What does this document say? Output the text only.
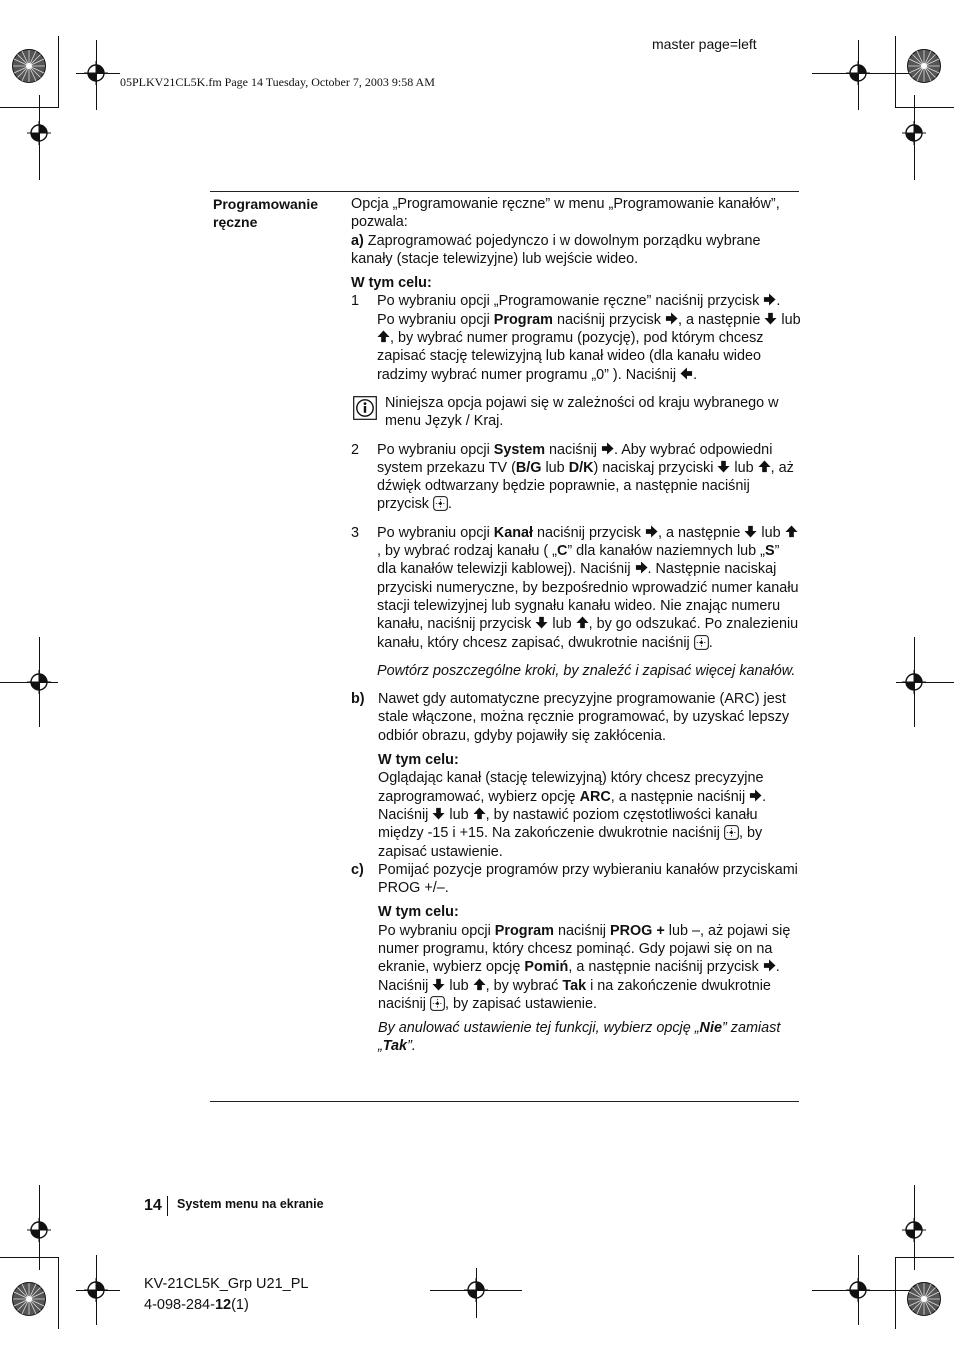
master page=left
05PLKV21CL5K.fm Page 14 Tuesday, October 7, 2003 9:58 AM
Programowanie ręczne

Opcja „Programowanie ręczne” w menu „Programowanie kanałów”, pozwala:

a) Zaprogramować pojedynczo i w dowolnym porządku wybrane kanały (stacje telewizyjne) lub wejście wideo.

W tym celu:

1 Po wybraniu opcji „Programowanie ręczne” naciśnij przycisk . Po wybraniu opcji Program naciśnij przycisk , a następnie  lub , by wybrać numer programu (pozycję), pod którym chcesz zapisać stację telewizyjną lub kanał wideo (dla kanału wideo radzimy wybrać numer programu „0” ). Naciśnij .

Niniejsza opcja pojawi się w zależności od kraju wybranego w menu Język / Kraj.

2 Po wybraniu opcji System naciśnij . Aby wybrać odpowiedni system przekazu TV (B/G lub D/K) naciskaj przyciski  lub , aż dźwięk odtwarzany będzie poprawnie, a następnie naciśnij przycisk .

3 Po wybraniu opcji Kanał naciśnij przycisk , a następnie  lub , by wybrać rodzaj kanału ( „C” dla kanałów naziemnych lub „S” dla kanałów telewizji kablowej). Naciśnij . Następnie naciskaj przyciski numeryczne, by bezpośrednio wprowadzić numer kanału stacji telewizyjnej lub sygnału kanału wideo. Nie znając numeru kanału, naciśnij przycisk  lub , by go odszukać. Po znalezieniu kanału, który chcesz zapisać, dwukrotnie naciśnij .

Powtórz poszczególne kroki, by znaleźć i zapisać więcej kanałów.

b) Nawet gdy automatyczne precyzyjne programowanie (ARC) jest stale włączone, można ręcznie programować, by uzyskać lepszy odbiór obrazu, gdyby pojawiły się zakłócenia.

W tym celu:

Oglądając kanał (stację telewizyjną) który chcesz precyzyjne zaprogramować, wybierz opcję ARC, a następnie naciśnij . Naciśnij  lub , by nastawić poziom częstotliwości kanału między -15 i +15. Na zakończenie dwukrotnie naciśnij , by zapisać ustawienie.

c) Pomijać pozycje programów przy wybieraniu kanałów przyciskami PROG +/–.

W tym celu:

Po wybraniu opcji Program naciśnij PROG + lub –, aż pojawi się numer programu, który chcesz pominąć. Gdy pojawi się on na ekranie, wybierz opcję Pomiń, a następnie naciśnij przycisk . Naciśnij  lub , by wybrać Tak i na zakończenie dwukrotnie naciśnij , by zapisać ustawienie.

By anulować ustawienie tej funkcji, wybierz opcję „Nie” zamiast „Tak”.

14 System menu na ekranie
KV-21CL5K_Grp U21_PL
4-098-284-12(1)
